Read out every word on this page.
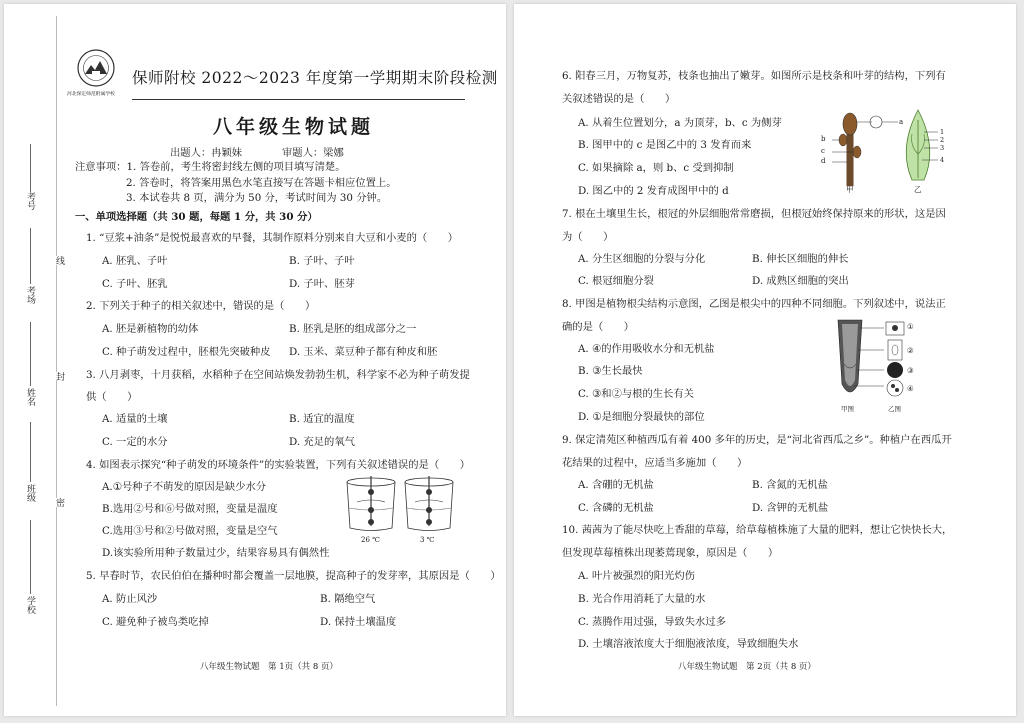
考号
考场
姓名
班级
学校
线
封
密
河北保定师范附属学校
保师附校 2022～2023 年度第一学期期末阶段检测
八年级生物试题
出题人：冉颖妹	审题人：梁娜
注意事项：1. 答卷前，考生将密封线左侧的项目填写清楚。
2. 答卷时，将答案用黑色水笔直接写在答题卡相应位置上。
3. 本试卷共 8 页，满分为 50 分，考试时间为 30 分钟。
一、单项选择题（共 30 题，每题 1 分，共 30 分）
1. “豆浆+油条”是悦悦最喜欢的早餐，其制作原料分别来自大豆和小麦的（　　）
A. 胚乳、子叶	B. 子叶、子叶
C. 子叶、胚乳	D. 子叶、胚芽
2. 下列关于种子的相关叙述中，错误的是（　　）
A. 胚是新植物的幼体	B. 胚乳是胚的组成部分之一
C. 种子萌发过程中，胚根先突破种皮 D. 玉米、菜豆种子都有种皮和胚
3. 八月剥枣，十月获稻，水稻种子在空间站焕发勃勃生机，科学家不必为种子萌发提
供（　　）
A. 适量的土壤	B. 适宜的温度
C. 一定的水分	D. 充足的氧气
4. 如图表示探究“种子萌发的环境条件”的实验装置，下列有关叙述错误的是（　　）
A.①号种子不萌发的原因是缺少水分
B.选用②号和⑥号做对照，变量是温度
C.选用③号和②号做对照，变量是空气
D.该实验所用种子数量过少，结果容易具有偶然性
26 ℃	3 ℃
5. 早春时节，农民伯伯在播种时都会覆盖一层地膜，提高种子的发芽率，其原因是（　　）
A. 防止风沙	B. 隔绝空气
C. 避免种子被鸟类吃掉	D. 保持土壤温度
八年级生物试题　第 1页（共 8 页）
6. 阳春三月，万物复苏，枝条也抽出了嫩芽。如图所示是枝条和叶芽的结构，下列有
关叙述错误的是（　　）
A. 从着生位置划分，a 为顶芽，b、c 为侧芽
B. 图甲中的 c 是图乙中的 3 发育而来
C. 如果摘除 a，则 b、c 受到抑制
D. 图乙中的 2 发育成图甲中的 d
b
c
d
a
甲	乙
1
2
3
4
7. 根在土壤里生长，根冠的外层细胞常常磨损，但根冠始终保持原来的形状，这是因
为（　　）
A. 分生区细胞的分裂与分化	B. 伸长区细胞的伸长
C. 根冠细胞分裂	D. 成熟区细胞的突出
8. 甲图是植物根尖结构示意图，乙图是根尖中的四种不同细胞。下列叙述中，说法正
确的是（　　）
A. ④的作用吸收水分和无机盐
B. ③生长最快
C. ③和②与根的生长有关
D. ①是细胞分裂最快的部位
①
②
③
④
甲图	乙图
9. 保定清苑区种植西瓜有着 400 多年的历史，是“河北省西瓜之乡”。种植户在西瓜开
花结果的过程中，应适当多施加（　　）
A. 含硼的无机盐	B. 含氮的无机盐
C. 含磷的无机盐	D. 含钾的无机盐
10. 茜茜为了能尽快吃上香甜的草莓，给草莓植株施了大量的肥料，想让它快快长大，
但发现草莓植株出现萎蔫现象，原因是（　　）
A. 叶片被强烈的阳光灼伤
B. 光合作用消耗了大量的水
C. 蒸腾作用过强，导致失水过多
D. 土壤溶液浓度大于细胞液浓度，导致细胞失水
八年级生物试题　第 2页（共 8 页）
